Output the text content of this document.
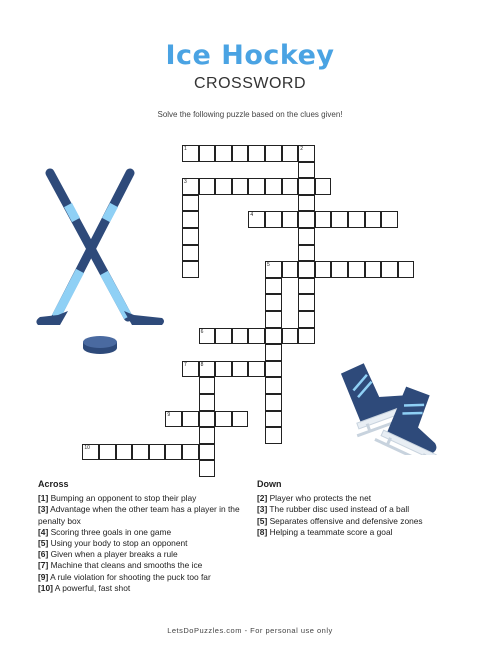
Ice Hockey
CROSSWORD
Solve the following puzzle based on the clues given!
1	2
3
4
5
6
7	8
9
10
Across
[1] Bumping an opponent to stop their play
[3] Advantage when the other team has a player in the penalty box
[4] Scoring three goals in one game
[5] Using your body to stop an opponent
[6] Given when a player breaks a rule
[7] Machine that cleans and smooths the ice
[9] A rule violation for shooting the puck too far
[10] A powerful, fast shot
Down
[2] Player who protects the net
[3] The rubber disc used instead of a ball
[5] Separates offensive and defensive zones
[8] Helping a teammate score a goal
LetsDoPuzzles.com - For personal use only
